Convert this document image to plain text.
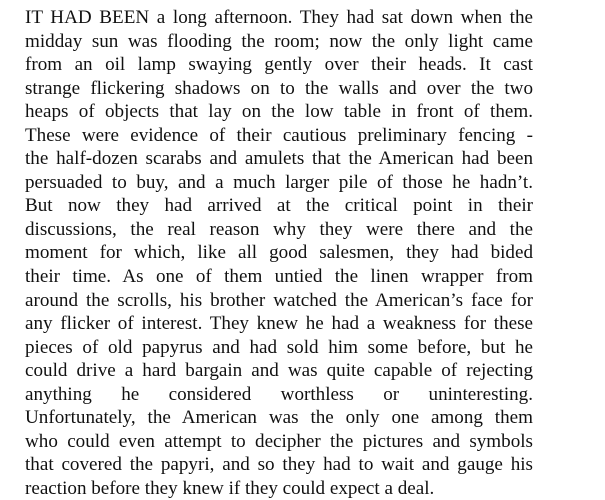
IT HAD BEEN a long afternoon. They had sat down when the
midday sun was flooding the room; now the only light came
from an oil lamp swaying gently over their heads. It cast
strange flickering shadows on to the walls and over the two
heaps of objects that lay on the low table in front of them.
These were evidence of their cautious preliminary fencing -
the half-dozen scarabs and amulets that the American had been
persuaded to buy, and a much larger pile of those he hadn’t.
But now they had arrived at the critical point in their
discussions, the real reason why they were there and the
moment for which, like all good salesmen, they had bided
their time. As one of them untied the linen wrapper from
around the scrolls, his brother watched the American’s face for
any flicker of interest. They knew he had a weakness for these
pieces of old papyrus and had sold him some before, but he
could drive a hard bargain and was quite capable of rejecting
anything he considered worthless or uninteresting.
Unfortunately, the American was the only one among them
who could even attempt to decipher the pictures and symbols
that covered the papyri, and so they had to wait and gauge his
reaction before they knew if they could expect a deal.
